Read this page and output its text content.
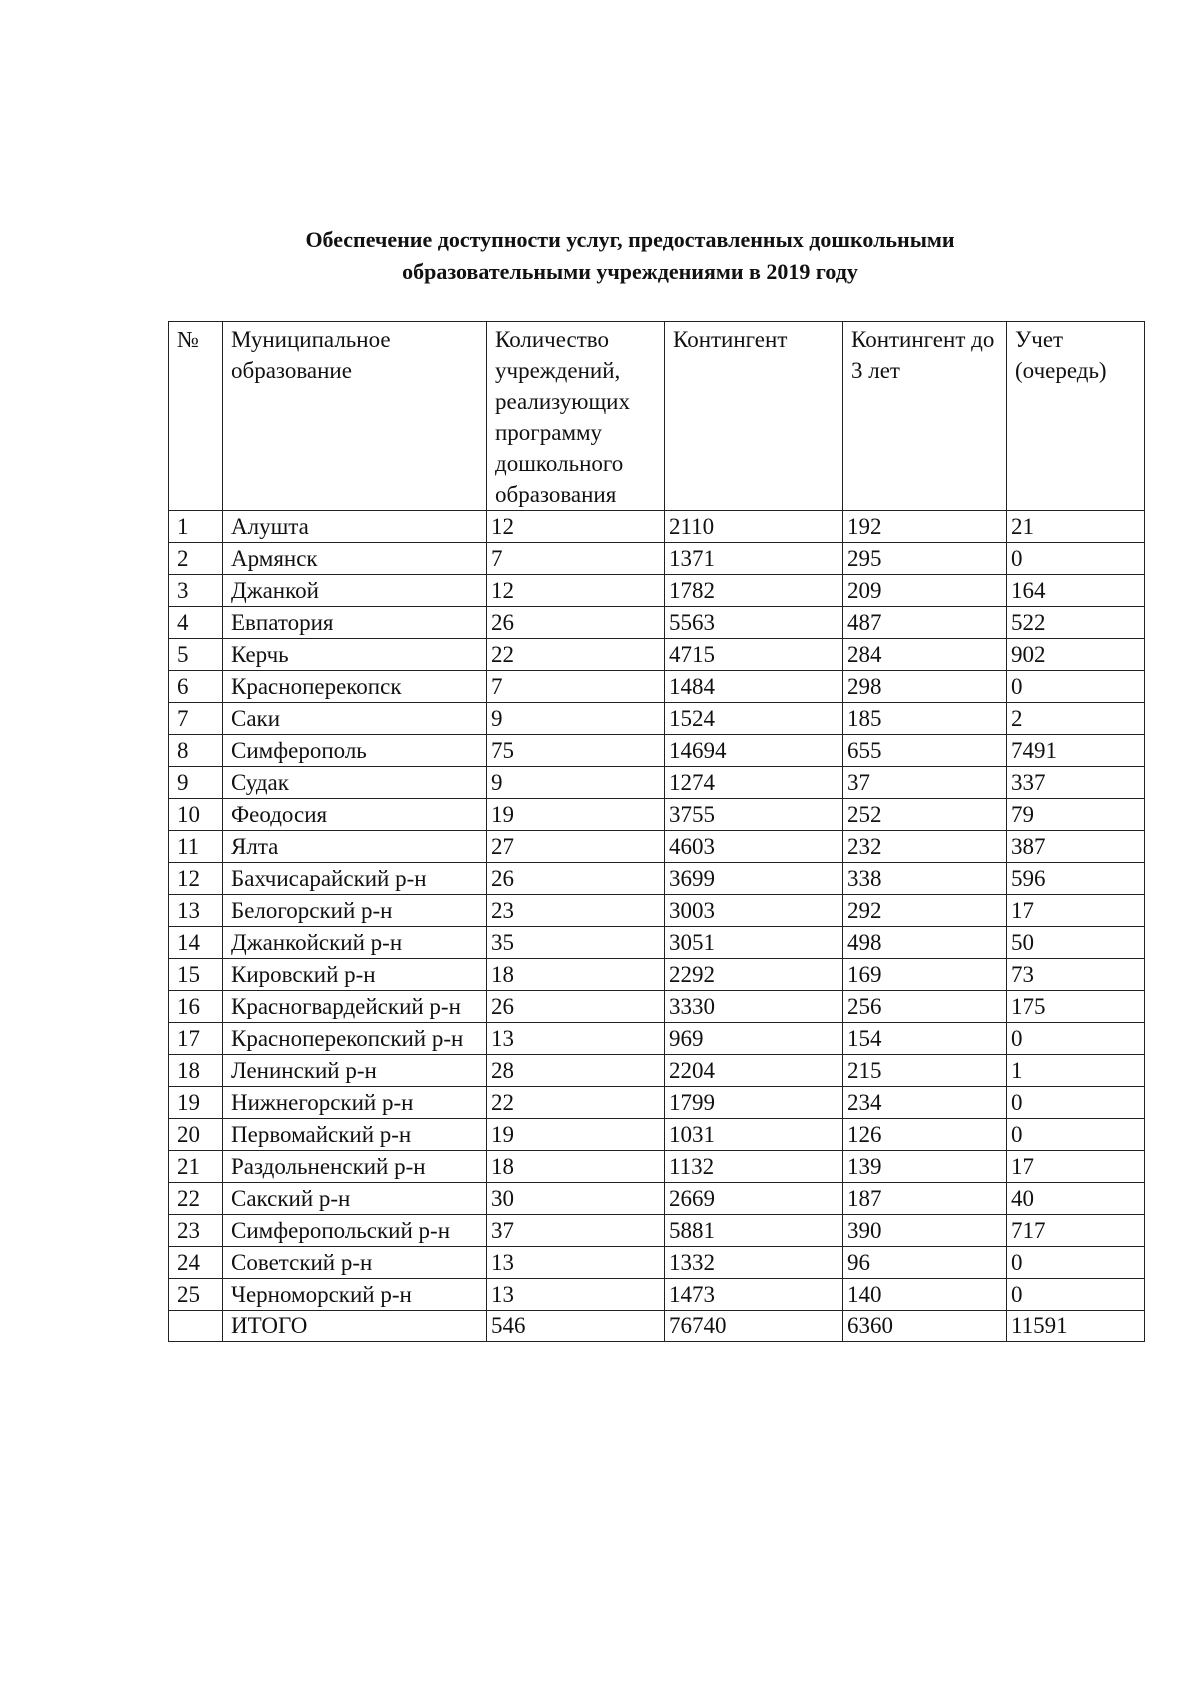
Обеспечение доступности услуг, предоставленных дошкольными
образовательными учреждениями в 2019 году
№	Муниципальное образование	Количество учреждений, реализующих программу дошкольного образования	Контингент	Контингент до 3 лет	Учет (очередь)
1	Алушта	12	2110	192	21
2	Армянск	7	1371	295	0
3	Джанкой	12	1782	209	164
4	Евпатория	26	5563	487	522
5	Керчь	22	4715	284	902
6	Красноперекопск	7	1484	298	0
7	Саки	9	1524	185	2
8	Симферополь	75	14694	655	7491
9	Судак	9	1274	37	337
10	Феодосия	19	3755	252	79
11	Ялта	27	4603	232	387
12	Бахчисарайский р-н	26	3699	338	596
13	Белогорский р-н	23	3003	292	17
14	Джанкойский р-н	35	3051	498	50
15	Кировский р-н	18	2292	169	73
16	Красногвардейский р-н	26	3330	256	175
17	Красноперекопский р-н	13	969	154	0
18	Ленинский р-н	28	2204	215	1
19	Нижнегорский р-н	22	1799	234	0
20	Первомайский р-н	19	1031	126	0
21	Раздольненский р-н	18	1132	139	17
22	Сакский р-н	30	2669	187	40
23	Симферопольский р-н	37	5881	390	717
24	Советский р-н	13	1332	96	0
25	Черноморский р-н	13	1473	140	0
	ИТОГО	546	76740	6360	11591
